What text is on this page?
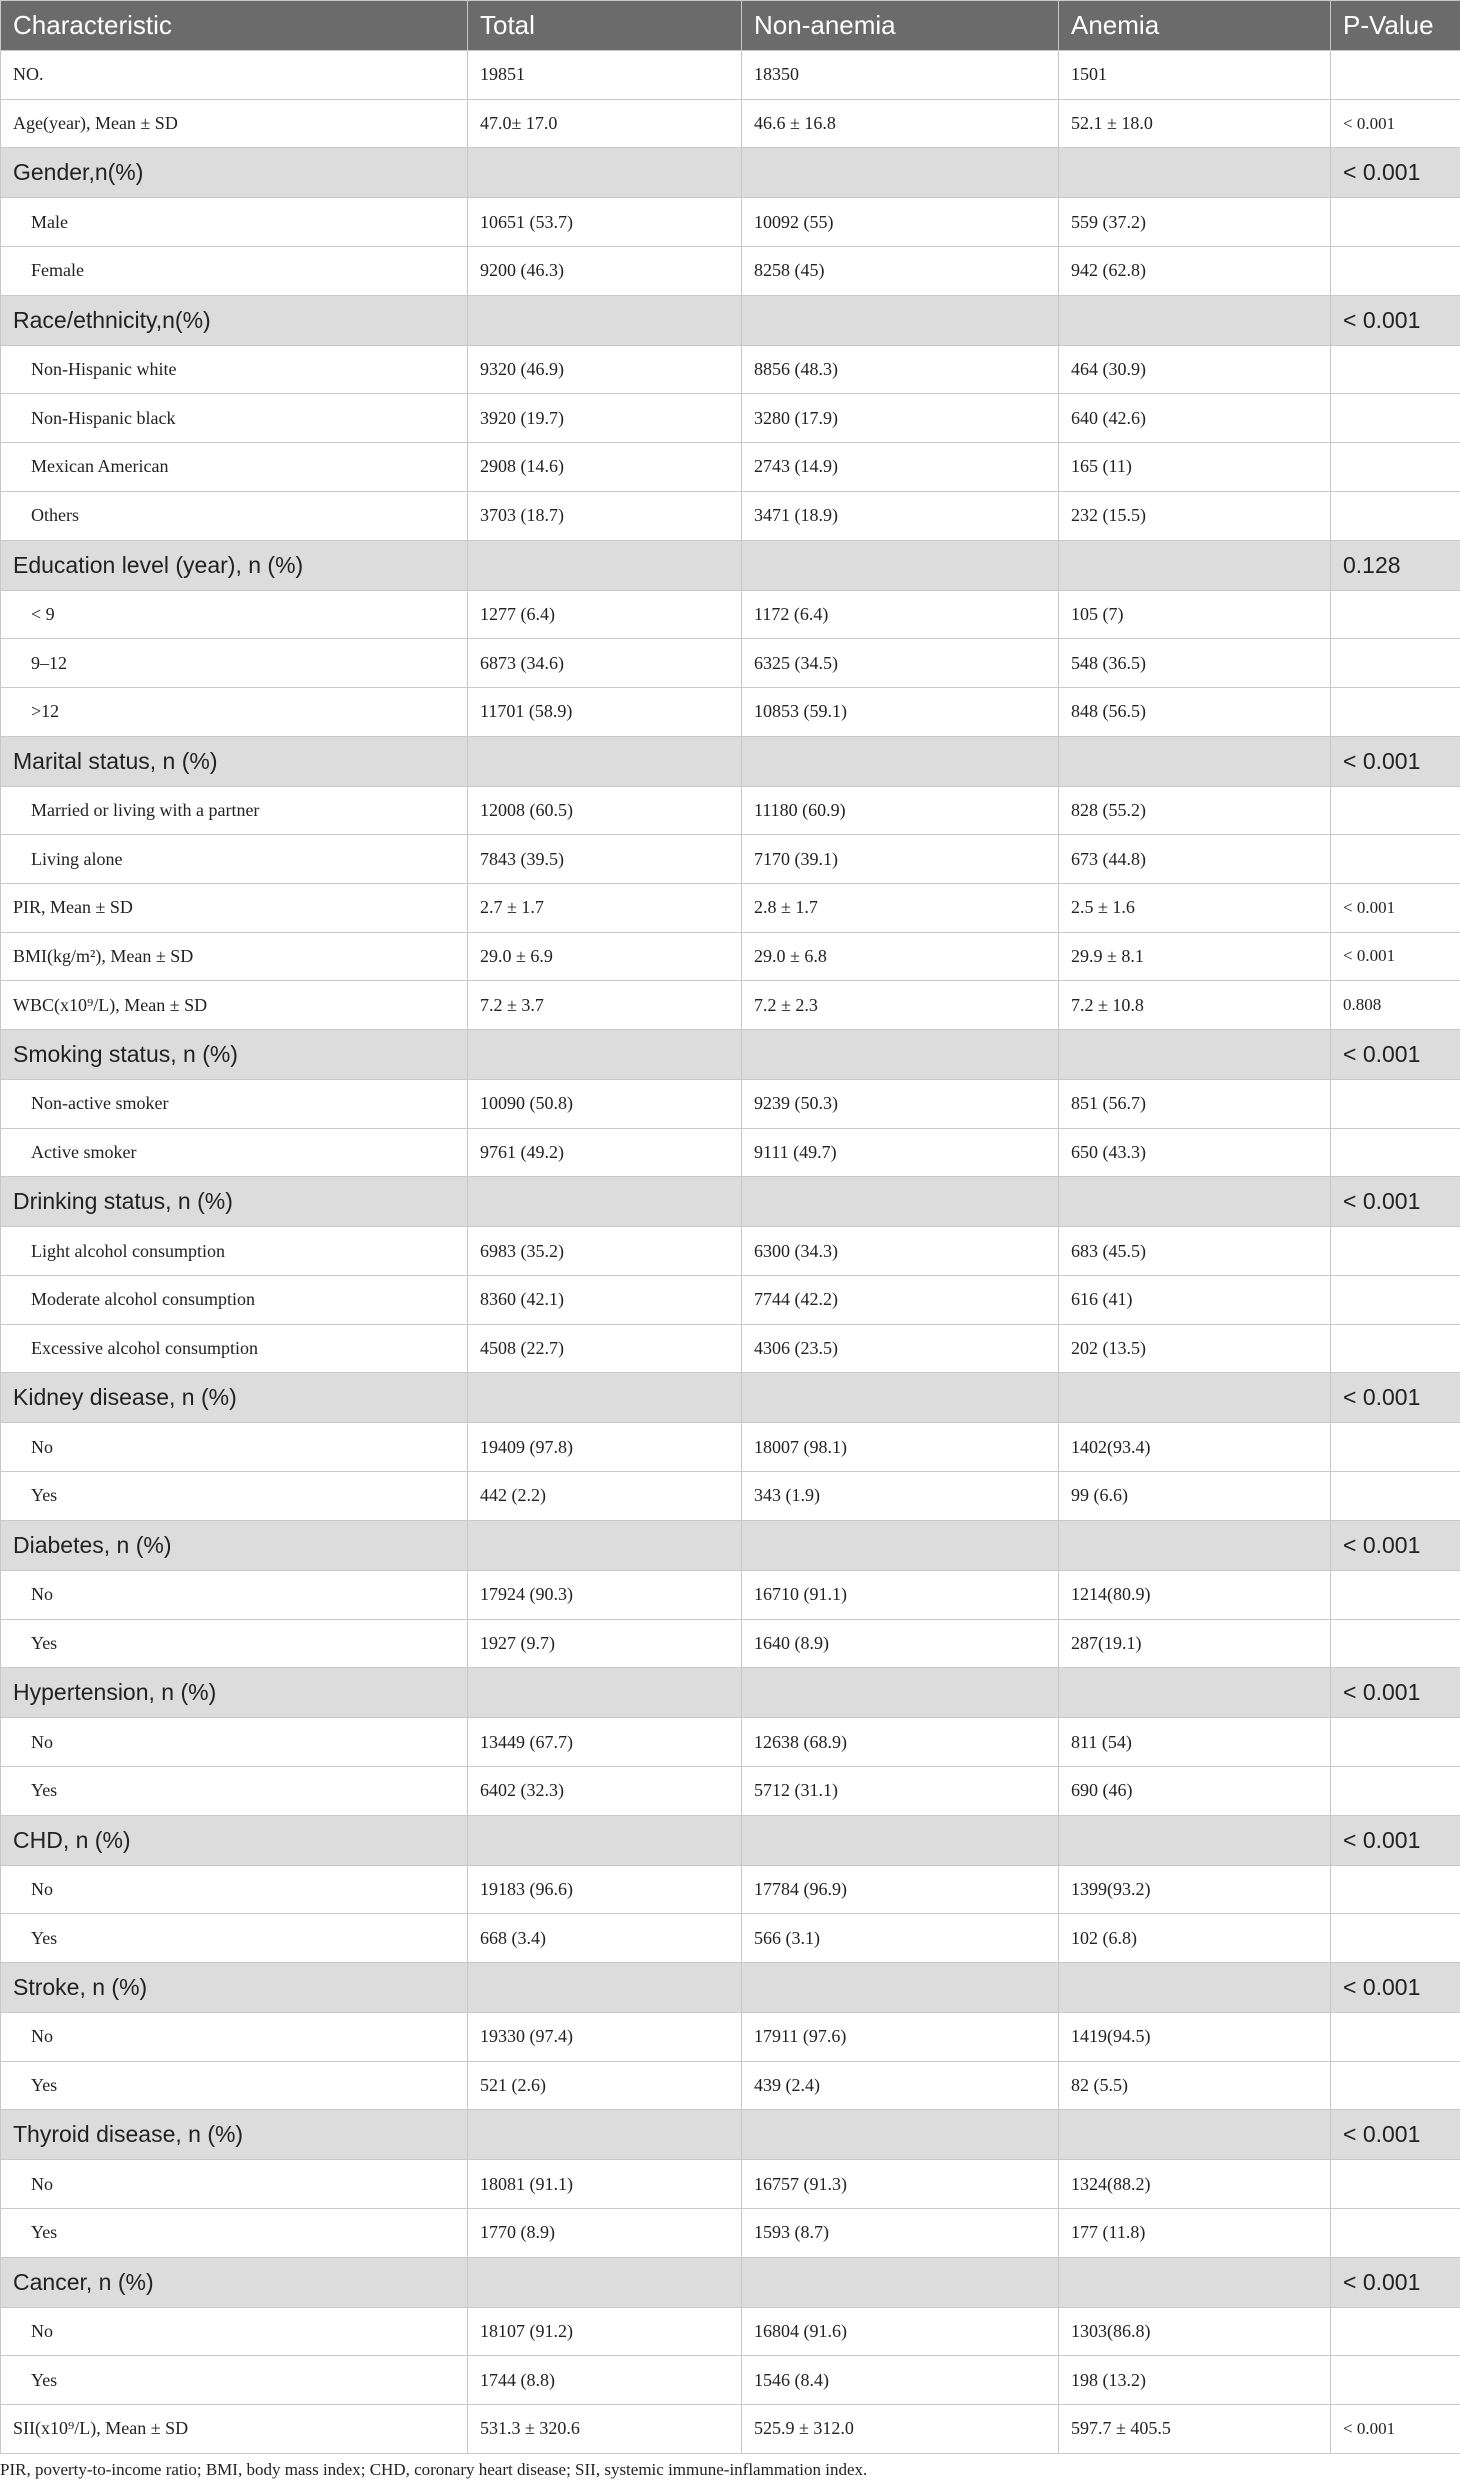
Characteristic	Total	Non-anemia	Anemia	P-Value
NO.	19851	18350	1501	
Age(year), Mean ± SD	47.0± 17.0	46.6 ± 16.8	52.1 ± 18.0	< 0.001
Gender,n(%)				< 0.001
Male	10651 (53.7)	10092 (55)	559 (37.2)	
Female	9200 (46.3)	8258 (45)	942 (62.8)	
Race/ethnicity,n(%)				< 0.001
Non-Hispanic white	9320 (46.9)	8856 (48.3)	464 (30.9)	
Non-Hispanic black	3920 (19.7)	3280 (17.9)	640 (42.6)	
Mexican American	2908 (14.6)	2743 (14.9)	165 (11)	
Others	3703 (18.7)	3471 (18.9)	232 (15.5)	
Education level (year), n (%)				0.128
< 9	1277 (6.4)	1172 (6.4)	105 (7)	
9–12	6873 (34.6)	6325 (34.5)	548 (36.5)	
>12	11701 (58.9)	10853 (59.1)	848 (56.5)	
Marital status, n (%)				< 0.001
Married or living with a partner	12008 (60.5)	11180 (60.9)	828 (55.2)	
Living alone	7843 (39.5)	7170 (39.1)	673 (44.8)	
PIR, Mean ± SD	2.7 ± 1.7	2.8 ± 1.7	2.5 ± 1.6	< 0.001
BMI(kg/m²), Mean ± SD	29.0 ± 6.9	29.0 ± 6.8	29.9 ± 8.1	< 0.001
WBC(x10⁹/L), Mean ± SD	7.2 ± 3.7	7.2 ± 2.3	7.2 ± 10.8	0.808
Smoking status, n (%)				< 0.001
Non-active smoker	10090 (50.8)	9239 (50.3)	851 (56.7)	
Active smoker	9761 (49.2)	9111 (49.7)	650 (43.3)	
Drinking status, n (%)				< 0.001
Light alcohol consumption	6983 (35.2)	6300 (34.3)	683 (45.5)	
Moderate alcohol consumption	8360 (42.1)	7744 (42.2)	616 (41)	
Excessive alcohol consumption	4508 (22.7)	4306 (23.5)	202 (13.5)	
Kidney disease, n (%)				< 0.001
No	19409 (97.8)	18007 (98.1)	1402(93.4)	
Yes	442 (2.2)	343 (1.9)	99 (6.6)	
Diabetes, n (%)				< 0.001
No	17924 (90.3)	16710 (91.1)	1214(80.9)	
Yes	1927 (9.7)	1640 (8.9)	287(19.1)	
Hypertension, n (%)				< 0.001
No	13449 (67.7)	12638 (68.9)	811 (54)	
Yes	6402 (32.3)	5712 (31.1)	690 (46)	
CHD, n (%)				< 0.001
No	19183 (96.6)	17784 (96.9)	1399(93.2)	
Yes	668 (3.4)	566 (3.1)	102 (6.8)	
Stroke, n (%)				< 0.001
No	19330 (97.4)	17911 (97.6)	1419(94.5)	
Yes	521 (2.6)	439 (2.4)	82 (5.5)	
Thyroid disease, n (%)				< 0.001
No	18081 (91.1)	16757 (91.3)	1324(88.2)	
Yes	1770 (8.9)	1593 (8.7)	177 (11.8)	
Cancer, n (%)				< 0.001
No	18107 (91.2)	16804 (91.6)	1303(86.8)	
Yes	1744 (8.8)	1546 (8.4)	198 (13.2)	
SII(x10⁹/L), Mean ± SD	531.3 ± 320.6	525.9 ± 312.0	597.7 ± 405.5	< 0.001
PIR, poverty-to-income ratio; BMI, body mass index; CHD, coronary heart disease; SII, systemic immune-inflammation index.
